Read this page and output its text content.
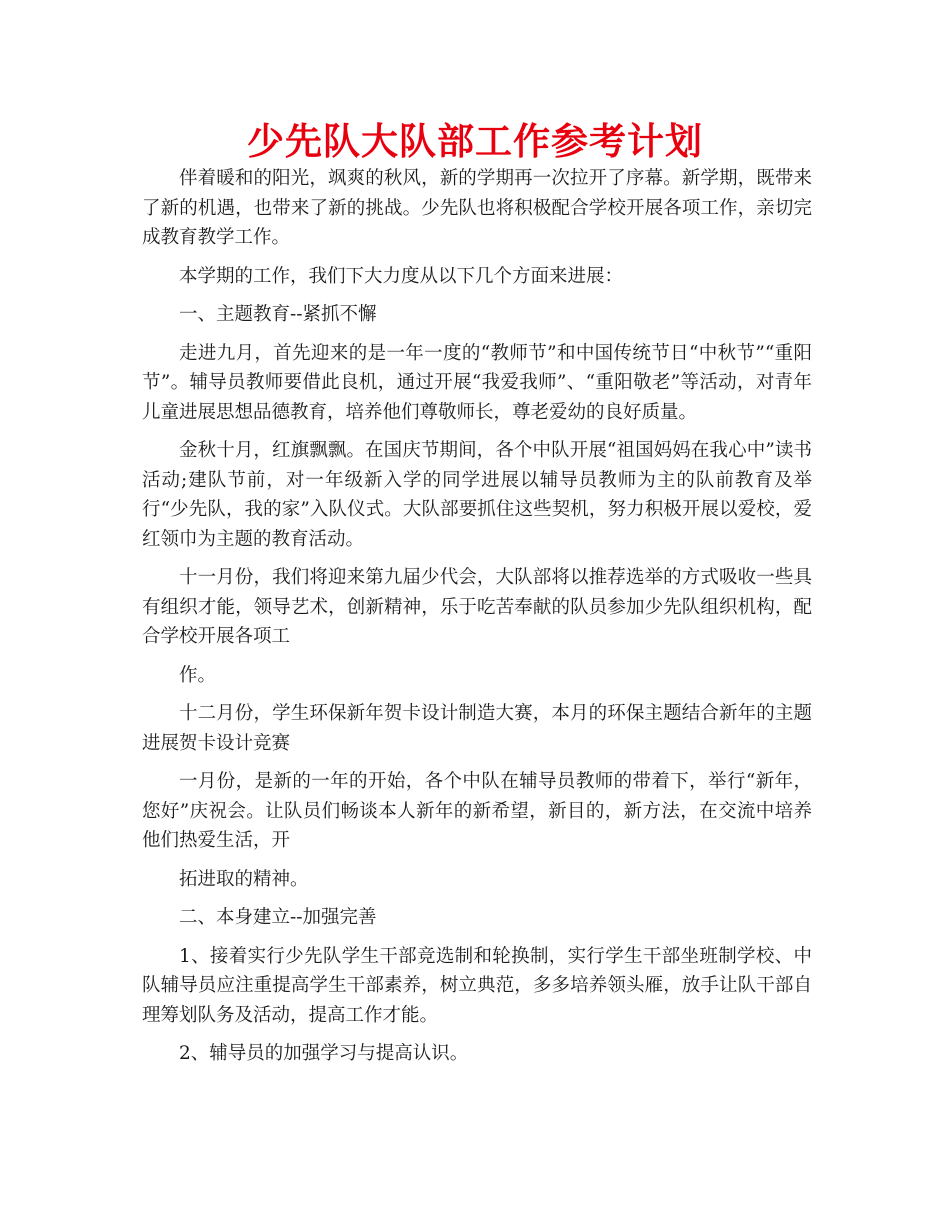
少先队大队部工作参考计划

伴着暖和的阳光，飒爽的秋风，新的学期再一次拉开了序幕。新学期，既带来了新的机遇，也带来了新的挑战。少先队也将积极配合学校开展各项工作，亲切完成教育教学工作。

本学期的工作，我们下大力度从以下几个方面来进展：

一、主题教育--紧抓不懈

走进九月，首先迎来的是一年一度的“教师节”和中国传统节日“中秋节”“重阳节”。辅导员教师要借此良机，通过开展“我爱我师”、“重阳敬老”等活动，对青年儿童进展思想品德教育，培养他们尊敬师长，尊老爱幼的良好质量。

金秋十月，红旗飘飘。在国庆节期间，各个中队开展“祖国妈妈在我心中”读书活动;建队节前，对一年级新入学的同学进展以辅导员教师为主的队前教育及举行“少先队，我的家”入队仪式。大队部要抓住这些契机，努力积极开展以爱校，爱红领巾为主题的教育活动。

十一月份，我们将迎来第九届少代会，大队部将以推荐选举的方式吸收一些具有组织才能，领导艺术，创新精神，乐于吃苦奉献的队员参加少先队组织机构，配合学校开展各项工

作。

十二月份，学生环保新年贺卡设计制造大赛，本月的环保主题结合新年的主题进展贺卡设计竞赛

一月份，是新的一年的开始，各个中队在辅导员教师的带着下，举行“新年，您好”庆祝会。让队员们畅谈本人新年的新希望，新目的，新方法，在交流中培养他们热爱生活，开

拓进取的精神。

二、本身建立--加强完善

1、接着实行少先队学生干部竞选制和轮换制，实行学生干部坐班制学校、中队辅导员应注重提高学生干部素养，树立典范，多多培养领头雁，放手让队干部自理筹划队务及活动，提高工作才能。

2、辅导员的加强学习与提高认识。
